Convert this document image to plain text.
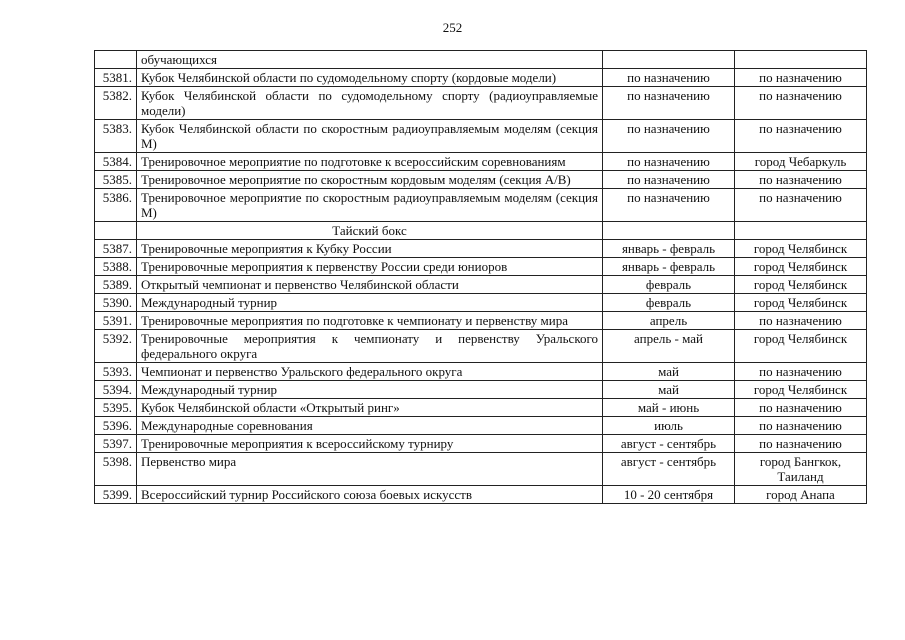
252
	обучающихся		
5381.	Кубок Челябинской области по судомодельному спорту (кордовые модели)	по назначению	по назначению
5382.	Кубок Челябинской области по судомодельному спорту (радиоуправляемые модели)	по назначению	по назначению
5383.	Кубок Челябинской области по скоростным радиоуправляемым моделям (секция М)	по назначению	по назначению
5384.	Тренировочное мероприятие по подготовке к всероссийским соревнованиям	по назначению	город Чебаркуль
5385.	Тренировочное мероприятие по скоростным кордовым моделям (секция А/В)	по назначению	по назначению
5386.	Тренировочное мероприятие по скоростным радиоуправляемым моделям (секция М)	по назначению	по назначению
	Тайский бокс		
5387.	Тренировочные мероприятия к Кубку России	январь - февраль	город Челябинск
5388.	Тренировочные мероприятия к первенству России среди юниоров	январь - февраль	город Челябинск
5389.	Открытый чемпионат и первенство Челябинской области	февраль	город Челябинск
5390.	Международный турнир	февраль	город Челябинск
5391.	Тренировочные мероприятия по подготовке к чемпионату и первенству мира	апрель	по назначению
5392.	Тренировочные мероприятия к чемпионату и первенству Уральского федерального округа	апрель - май	город Челябинск
5393.	Чемпионат и первенство Уральского федерального округа	май	по назначению
5394.	Международный турнир	май	город Челябинск
5395.	Кубок Челябинской области «Открытый ринг»	май - июнь	по назначению
5396.	Международные соревнования	июль	по назначению
5397.	Тренировочные мероприятия к всероссийскому турниру	август - сентябрь	по назначению
5398.	Первенство мира	август - сентябрь	город Бангкок,
Таиланд

5399.	Всероссийский турнир Российского союза боевых искусств	10 - 20 сентября	город Анапа
